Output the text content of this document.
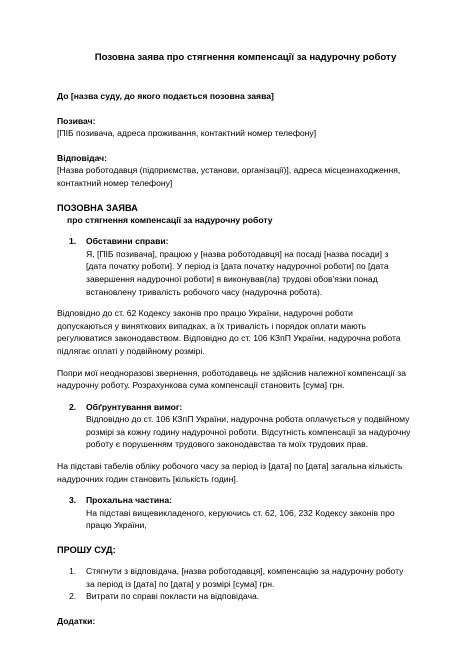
Позовна заява про стягнення компенсації за надурочну роботу
До [назва суду, до якого подається позовна заява]
Позивач:
[ПІБ позивача, адреса проживання, контактний номер телефону]
Відповідач:
[Назва роботодавця (підприємства, установи, організації)], адреса місцезнаходження,
контактний номер телефону]
ПОЗОВНА ЗАЯВА
про стягнення компенсації за надурочну роботу
1. Обставини справи:
Я, [ПІБ позивача], працюю у [назва роботодавця] на посаді [назва посади] з
[дата початку роботи]. У період із [дата початку надурочної роботи] по [дата
завершення надурочної роботи] я виконував(ла) трудові обов'язки понад
встановлену тривалість робочого часу (надурочна робота).
Відповідно до ст. 62 Кодексу законів про працю України, надурочні роботи
допускаються у виняткових випадках, а їх тривалість і порядок оплати мають
регулюватися законодавством. Відповідно до ст. 106 КЗпП України, надурочна робота
підлягає оплаті у подвійному розмірі.
Попри мої неодноразові звернення, роботодавець не здійснив належної компенсації за
надурочну роботу. Розрахункова сума компенсації становить [сума] грн.
2. Обґрунтування вимог:
Відповідно до ст. 106 КЗпП України, надурочна робота оплачується у подвійному
розмірі за кожну годину надурочної роботи. Відсутність компенсації за надурочну
роботу є порушенням трудового законодавства та моїх трудових прав.
На підставі табелів обліку робочого часу за період із [дата] по [дата] загальна кількість
надурочних годин становить [кількість годин].
3. Прохальна частина:
На підставі вищевикладеного, керуючись ст. 62, 106, 232 Кодексу законів про
працю України,
ПРОШУ СУД:
1. Стягнути з відповідача, [назва роботодавця], компенсацію за надурочну роботу
за період із [дата] по [дата] у розмірі [сума] грн.
2. Витрати по справі покласти на відповідача.
Додатки:
